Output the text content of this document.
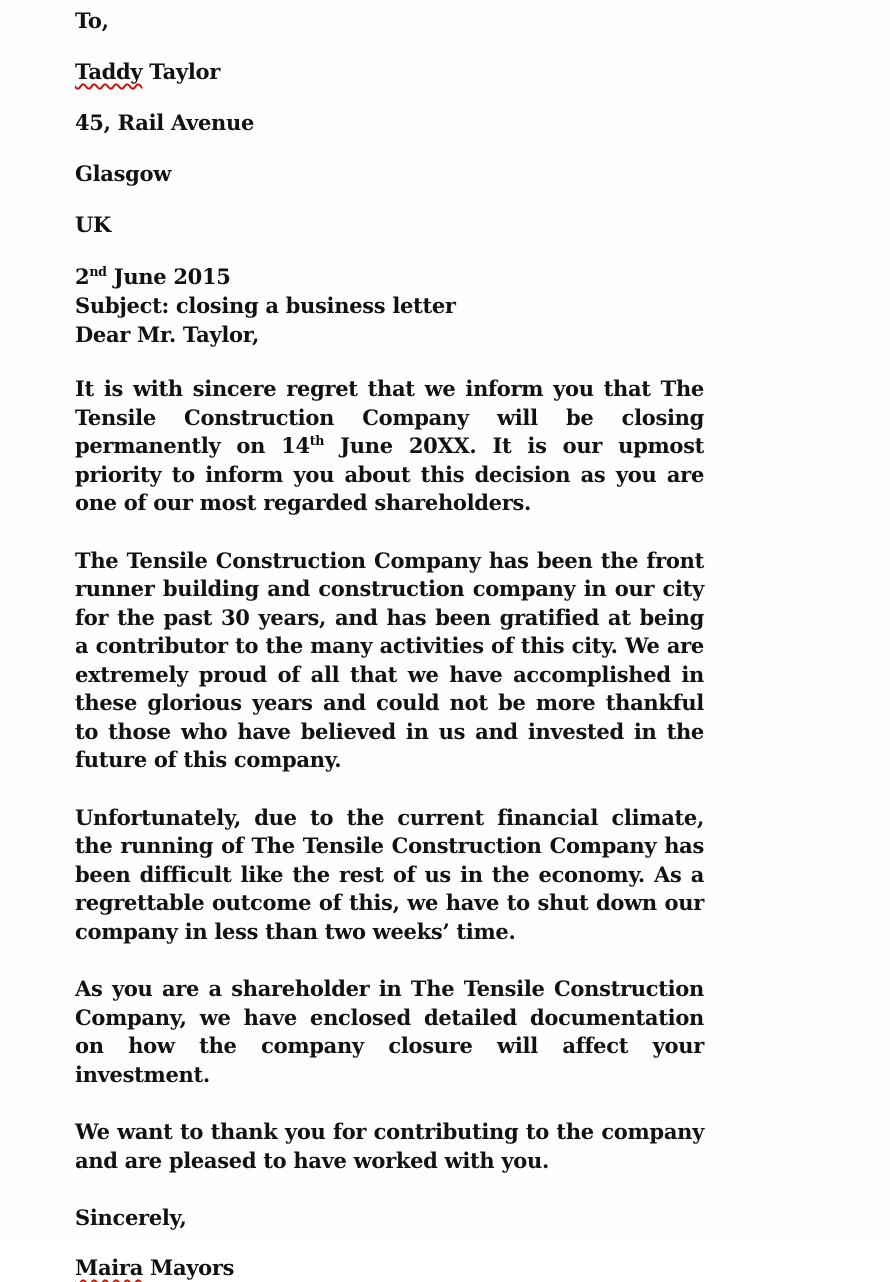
To,

Taddy Taylor

45, Rail Avenue

Glasgow

UK

2nd June 2015

Subject: closing a business letter

Dear Mr. Taylor,

It is with sincere regret that we inform you that The Tensile Construction Company will be closing permanently on 14th June 20XX. It is our upmost priority to inform you about this decision as you are one of our most regarded shareholders.

The Tensile Construction Company has been the front runner building and construction company in our city for the past 30 years, and has been gratified at being a contributor to the many activities of this city. We are extremely proud of all that we have accomplished in these glorious years and could not be more thankful to those who have believed in us and invested in the future of this company.

Unfortunately, due to the current financial climate, the running of The Tensile Construction Company has been difficult like the rest of us in the economy. As a regrettable outcome of this, we have to shut down our company in less than two weeks’ time.

As you are a shareholder in The Tensile Construction Company, we have enclosed detailed documentation on how the company closure will affect your investment.

We want to thank you for contributing to the company and are pleased to have worked with you.

Sincerely,

Maira Mayors
